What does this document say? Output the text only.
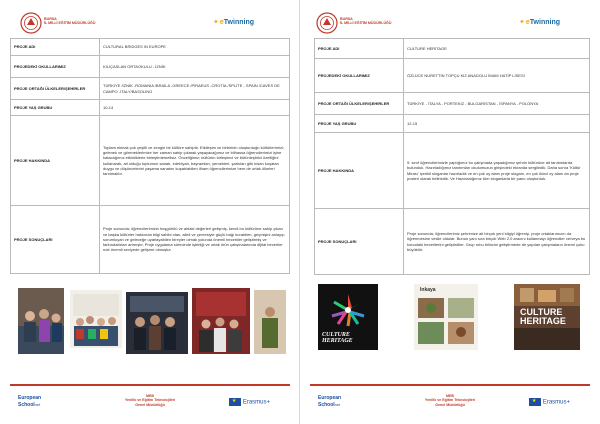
BURSA
İL MİLLÎ EĞİTİM MÜDÜRLÜĞÜ	✦eTwinning
PROJE ADI	CULTURAL BRIDGES IN EUROPE
PROJEDEKİ OKULLARIMIZ	KILIÇASLAN ORTAOKULU - İZNİK
PROJE ORTAĞI ÜLKELER/ŞEHİRLER	TÜRKİYE /İZNİK -ROMANIA /BRAİLA -GREECE /PİRAEUS -CROTİA /SPLİTE - SPAİN /CAVES DE CAMPO -İTALY/BASOLİNO
PROJE YAŞ GRUBU	10-14
PROJE HAKKINDA	Toplam ekinak çok çeşitli ve zengin bir kültüre sahiptir. Etkileşim ve birbirinin oluşturduğu kültürlerimizi; gelenek ve göreneklerimize her zaman sahip çıkarak yaşayacağımız ve bilhassa öğrencilerimizi işine katacağımız etkinliklerle birleştirdemelisiz. Önceliğimiz; kültürün birleşimci ve bütünleştirici özelliğini kullanarak, ait olduğu toplumun sanatı, edebiyatı, bayramları, yemekleri, şarkıları gibi insan kuşatan duygu ve düşüncelerini yaşama sanatını kuşatılabilen ilham öğrencilerimize hem de ortak ülkeleri tanıtmaktır.
PROJE SONUÇLARI	Proje sonunda; öğrencilerimizin hoşgörülü ve ahlaki değerleri gelişmiş, kendi bu kültürüne sahip çıkan ve başka kültürler hakkında bilgi sahibi olan, aileli ve çevresiyle güçlü bağı kurabilen, geçmişini anlayıp sorumluyan ve geleceğe uyarlayabilen bireyler olmak yolunda önemli becerilier geliştirmiş ve farkındalıkları artmıştır. Proje uygulama sürecinde işbirliği ve ortak ürün çalışmalarında dijital beceriler nde önemli seviyede gelişme olmuştur.
European
Schoolnet
MEB
Yenilik ve Eğitim Teknolojileri
Genel Müdürlüğü
★ Erasmus+
BURSA
İL MİLLÎ EĞİTİM MÜDÜRLÜĞÜ	✦eTwinning
PROJE ADI	CULTURE HERITAGE
PROJEDEKİ OKULLARIMIZ	ÖZLÜCE NURETTİN TOPÇU KIZ ANADOLU İMAM HATİP LİSESİ
PROJE ORTAĞI ÜLKELER/ŞEHİRLER	TÜRKİYE - İTALYA - PORTEKİZ - BULGARİSTAN - İSPANYA - POLONYA
PROJE YAŞ GRUBU	12-15
PROJE HAKKINDA	9. sınıf öğrencilerimizle yaptığımız bu çalışmada yaşadığımız şehrin kültürüne ait tanıtımlarda bulunduk. Hazırladığımız tanıtımları okulumuzun girişindeki ekranda sergiledik. Daha sonra 'Kültür Mirası' içerikli sloganlar hazırladık ve en çok oy alanı proje sloganı, en çok ikinci oy alanı da proje posteri olarak belirledik. Ve Hazırladığımız tüm sloganlarla bir pano oluşturduk.
PROJE SONUÇLARI	Proje sonunda; öğrencilerimiz şehrimize ait birçok yeni bilgiyi öğrenip, proje ortaklarımızın da öğrenmesine vesile oldular. Bunun yanı sıra birçok Web 2.0 aracını kullanmayı öğrendiler ve/veya bu konudaki becerilerini geliştirdiler. Grup ruhu bilincini geliştirmede de yapılan çalışmaların önemi çoku büyüktür.
CULTURE
HERITAGE
Inkaya
CULTURE
HERITAGE
European
Schoolnet
MEB
Yenilik ve Eğitim Teknolojileri
Genel Müdürlüğü
★ Erasmus+
